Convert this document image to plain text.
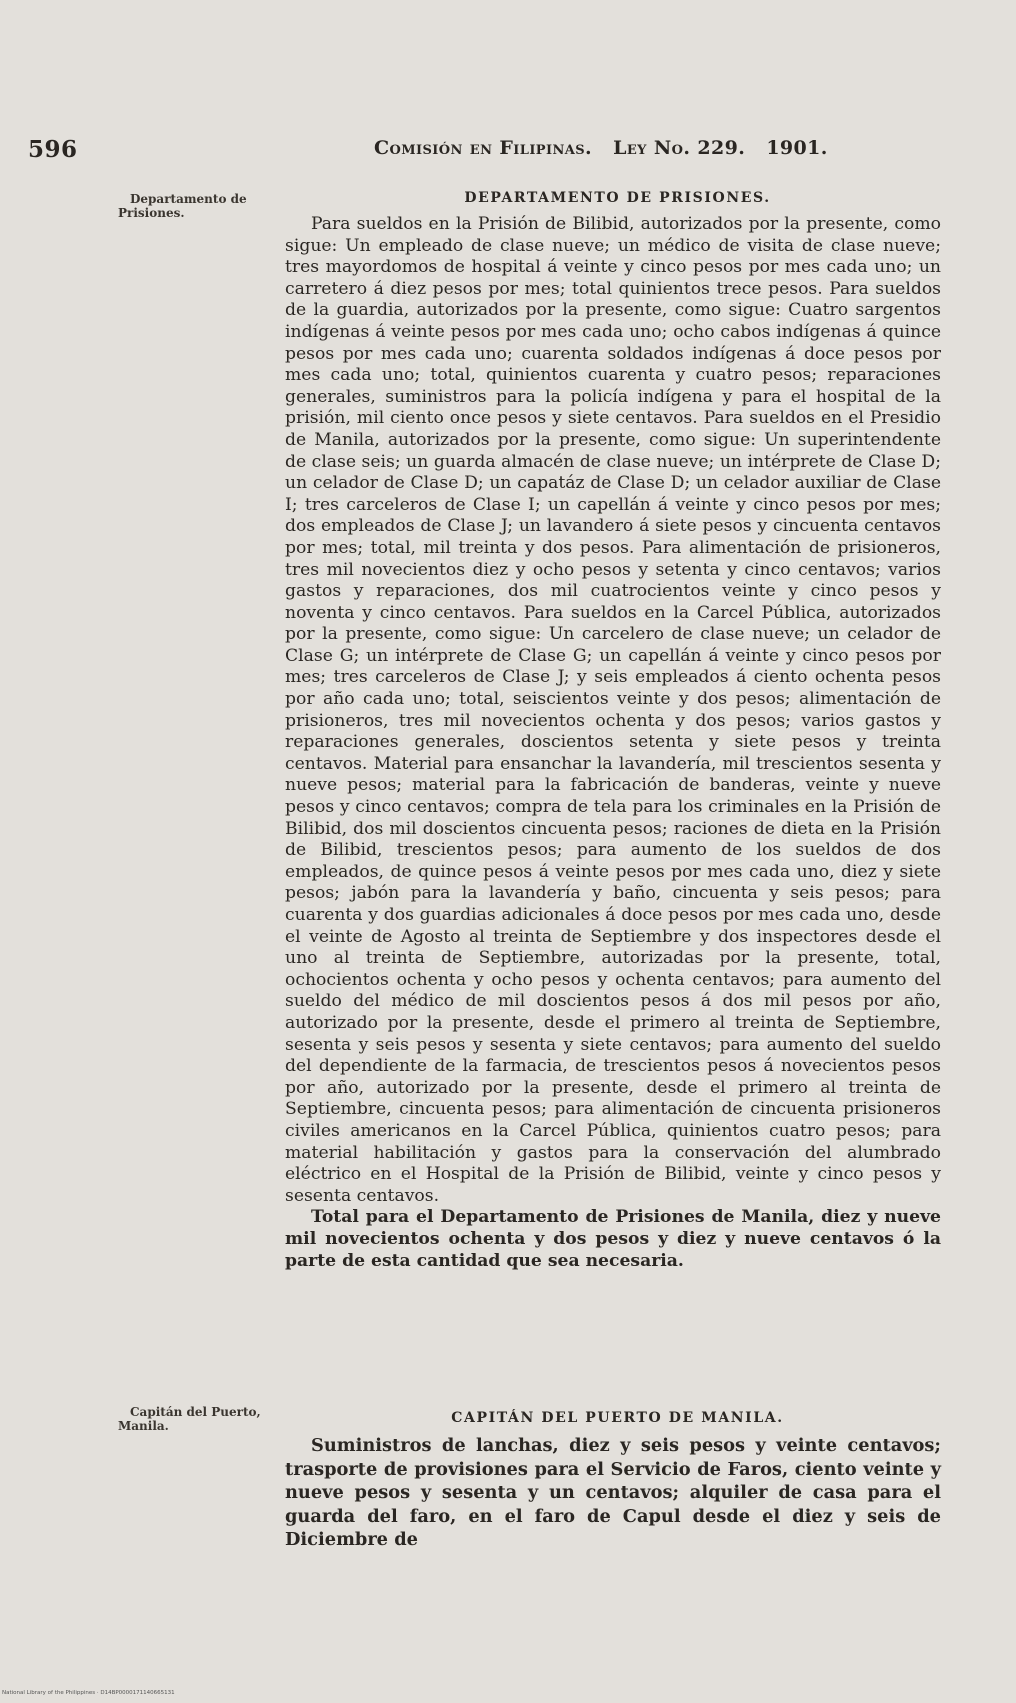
596	Comisión en Filipinas. Ley No. 229. 1901.
Departamento de Prisiones.
DEPARTAMENTO DE PRISIONES.

Para sueldos en la Prisión de Bilibid, autorizados por la presente, como sigue: Un empleado de clase nueve; un médico de visita de clase nueve; tres mayordomos de hospital á veinte y cinco pesos por mes cada uno; un carretero á diez pesos por mes; total quinientos trece pesos. Para sueldos de la guardia, autorizados por la presente, como sigue: Cuatro sargentos indígenas á veinte pesos por mes cada uno; ocho cabos indígenas á quince pesos por mes cada uno; cuarenta soldados indígenas á doce pesos por mes cada uno; total, quinientos cuarenta y cuatro pesos; reparaciones generales, suministros para la policía indígena y para el hospital de la prisión, mil ciento once pesos y siete centavos. Para sueldos en el Presidio de Manila, autorizados por la presente, como sigue: Un superintendente de clase seis; un guarda almacén de clase nueve; un intérprete de Clase D; un celador de Clase D; un capatáz de Clase D; un celador auxiliar de Clase I; tres carceleros de Clase I; un capellán á veinte y cinco pesos por mes; dos empleados de Clase J; un lavandero á siete pesos y cincuenta centavos por mes; total, mil treinta y dos pesos. Para alimentación de prisioneros, tres mil novecientos diez y ocho pesos y setenta y cinco centavos; varios gastos y reparaciones, dos mil cuatrocientos veinte y cinco pesos y noventa y cinco centavos. Para sueldos en la Carcel Pública, autorizados por la presente, como sigue: Un carcelero de clase nueve; un celador de Clase G; un intérprete de Clase G; un capellán á veinte y cinco pesos por mes; tres carceleros de Clase J; y seis empleados á ciento ochenta pesos por año cada uno; total, seiscientos veinte y dos pesos; alimentación de prisioneros, tres mil novecientos ochenta y dos pesos; varios gastos y reparaciones generales, doscientos setenta y siete pesos y treinta centavos. Material para ensanchar la lavandería, mil trescientos sesenta y nueve pesos; material para la fabricación de banderas, veinte y nueve pesos y cinco centavos; compra de tela para los criminales en la Prisión de Bilibid, dos mil doscientos cincuenta pesos; raciones de dieta en la Prisión de Bilibid, trescientos pesos; para aumento de los sueldos de dos empleados, de quince pesos á veinte pesos por mes cada uno, diez y siete pesos; jabón para la lavandería y baño, cincuenta y seis pesos; para cuarenta y dos guardias adicionales á doce pesos por mes cada uno, desde el veinte de Agosto al treinta de Septiembre y dos inspectores desde el uno al treinta de Septiembre, autorizadas por la presente, total, ochocientos ochenta y ocho pesos y ochenta centavos; para aumento del sueldo del médico de mil doscientos pesos á dos mil pesos por año, autorizado por la presente, desde el primero al treinta de Septiembre, sesenta y seis pesos y sesenta y siete centavos; para aumento del sueldo del dependiente de la farmacia, de trescientos pesos á novecientos pesos por año, autorizado por la presente, desde el primero al treinta de Septiembre, cincuenta pesos; para alimentación de cincuenta prisioneros civiles americanos en la Carcel Pública, quinientos cuatro pesos; para material habilitación y gastos para la conservación del alumbrado eléctrico en el Hospital de la Prisión de Bilibid, veinte y cinco pesos y sesenta centavos.

Total para el Departamento de Prisiones de Manila, diez y nueve mil novecientos ochenta y dos pesos y diez y nueve centavos ó la parte de esta cantidad que sea necesaria.

Capitán del Puerto, Manila.	CAPITÁN DEL PUERTO DE MANILA.

Suministros de lanchas, diez y seis pesos y veinte centavos; trasporte de provisiones para el Servicio de Faros, ciento veinte y nueve pesos y sesenta y un centavos; alquiler de casa para el guarda del faro, en el faro de Capul desde el diez y seis de Diciembre de

National Library of the Philippines · D14BP0000171140665131
